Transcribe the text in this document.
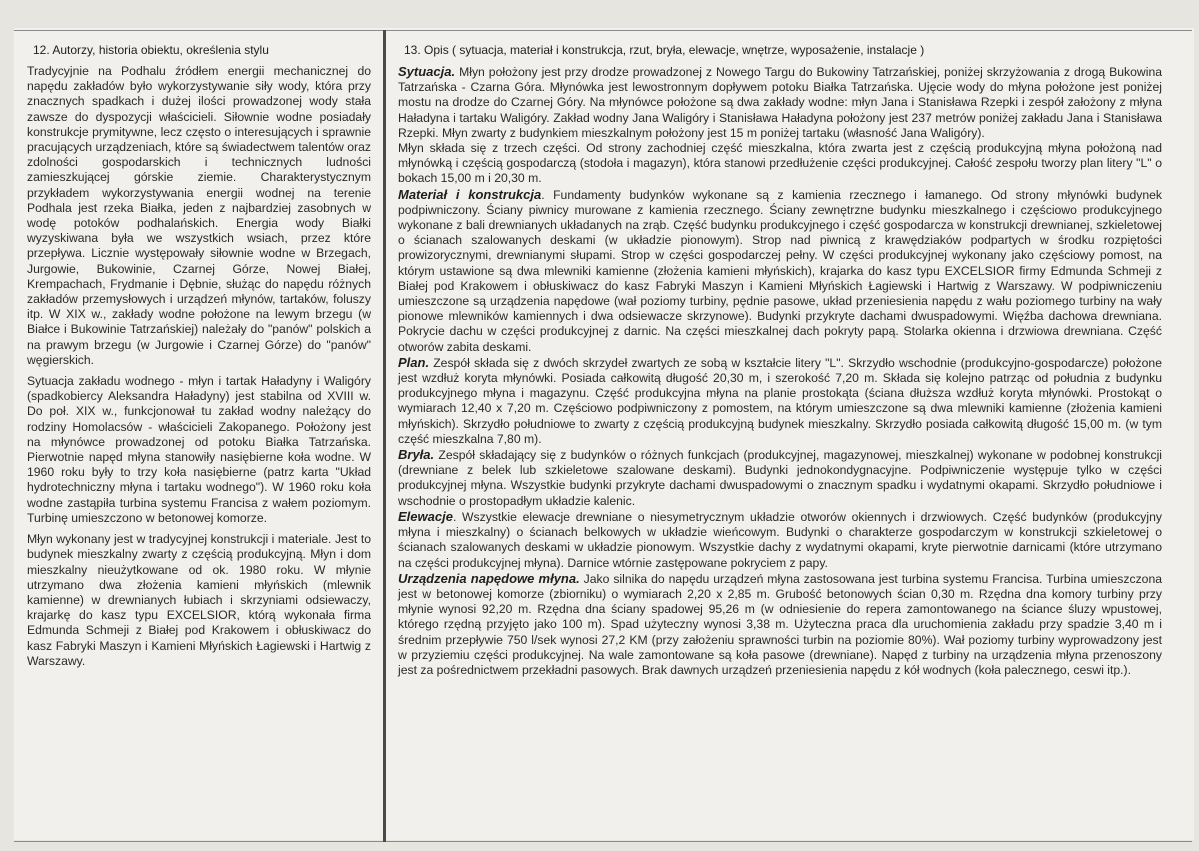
12. Autorzy, historia obiektu, określenia stylu

Tradycyjnie na Podhalu źródłem energii mechanicznej do napędu zakładów było wykorzystywanie siły wody, która przy znacznych spadkach i dużej ilości prowadzonej wody stała zawsze do dyspozycji właścicieli. Siłownie wodne posiadały konstrukcje prymitywne, lecz często o interesujących i sprawnie pracujących urządzeniach, które są świadectwem talentów oraz zdolności gospodarskich i technicznych ludności zamieszkującej górskie ziemie. Charakterystycznym przykładem wykorzystywania energii wodnej na terenie Podhala jest rzeka Białka, jeden z najbardziej zasobnych w wodę potoków podhalańskich. Energia wody Białki wyzyskiwana była we wszystkich wsiach, przez które przepływa. Licznie występowały siłownie wodne w Brzegach, Jurgowie, Bukowinie, Czarnej Górze, Nowej Białej, Krempachach, Frydmanie i Dębnie, służąc do napędu różnych zakładów przemysłowych i urządzeń młynów, tartaków, foluszy itp. W XIX w., zakłady wodne położone na lewym brzegu (w Białce i Bukowinie Tatrzańskiej) należały do "panów" polskich a na prawym brzegu (w Jurgowie i Czarnej Górze) do "panów" węgierskich.

Sytuacja zakładu wodnego - młyn i tartak Haładyny i Waligóry (spadkobiercy Aleksandra Haładyny) jest stabilna od XVIII w. Do poł. XIX w., funkcjonował tu zakład wodny należący do rodziny Homolacsów - właścicieli Zakopanego. Położony jest na młynówce prowadzonej od potoku Białka Tatrzańska. Pierwotnie napęd młyna stanowiły nasiębierne koła wodne. W 1960 roku były to trzy koła nasiębierne (patrz karta "Układ hydrotechniczny młyna i tartaku wodnego"). W 1960 roku koła wodne zastąpiła turbina systemu Francisa z wałem poziomym. Turbinę umieszczono w betonowej komorze.

Młyn wykonany jest w tradycyjnej konstrukcji i materiale. Jest to budynek mieszkalny zwarty z częścią produkcyjną. Młyn i dom mieszkalny nieużytkowane od ok. 1980 roku. W młynie utrzymano dwa złożenia kamieni młyńskich (mlewnik kamienne) w drewnianych łubiach i skrzyniami odsiewaczy, krajarkę do kasz typu EXCELSIOR, którą wykonała firma Edmunda Schmeji z Białej pod Krakowem i obłuskiwacz do kasz Fabryki Maszyn i Kamieni Młyńskich Łagiewski i Hartwig z Warszawy.

13. Opis ( sytuacja, materiał i konstrukcja, rzut, bryła, elewacje, wnętrze, wyposażenie, instalacje )

Sytuacja. Młyn położony jest przy drodze prowadzonej z Nowego Targu do Bukowiny Tatrzańskiej, poniżej skrzyżowania z drogą Bukowina Tatrzańska - Czarna Góra. Młynówka jest lewostronnym dopływem potoku Białka Tatrzańska. Ujęcie wody do młyna położone jest poniżej mostu na drodze do Czarnej Góry. Na młynówce położone są dwa zakłady wodne: młyn Jana i Stanisława Rzepki i zespół założony z młyna Haładyna i tartaku Waligóry. Zakład wodny Jana Waligóry i Stanisława Haładyna położony jest 237 metrów poniżej zakładu Jana i Stanisława Rzepki. Młyn zwarty z budynkiem mieszkalnym położony jest 15 m poniżej tartaku (własność Jana Waligóry).

Młyn składa się z trzech części. Od strony zachodniej część mieszkalna, która zwarta jest z częścią produkcyjną młyna położoną nad młynówką i częścią gospodarczą (stodoła i magazyn), która stanowi przedłużenie części produkcyjnej. Całość zespołu tworzy plan litery "L" o bokach 15,00 m i 20,30 m.

Materiał i konstrukcja. Fundamenty budynków wykonane są z kamienia rzecznego i łamanego. Od strony młynówki budynek podpiwniczony. Ściany piwnicy murowane z kamienia rzecznego. Ściany zewnętrzne budynku mieszkalnego i częściowo produkcyjnego wykonane z bali drewnianych układanych na zrąb. Część budynku produkcyjnego i część gospodarcza w konstrukcji drewnianej, szkieletowej o ścianach szalowanych deskami (w układzie pionowym). Strop nad piwnicą z krawędziaków podpartych w środku rozpiętości prowizorycznymi, drewnianymi słupami. Strop w części gospodarczej pełny. W części produkcyjnej wykonany jako częściowy pomost, na którym ustawione są dwa mlewniki kamienne (złożenia kamieni młyńskich), krajarka do kasz typu EXCELSIOR firmy Edmunda Schmeji z Białej pod Krakowem i obłuskiwacz do kasz Fabryki Maszyn i Kamieni Młyńskich Łagiewski i Hartwig z Warszawy. W podpiwniczeniu umieszczone są urządzenia napędowe (wał poziomy turbiny, pędnie pasowe, układ przeniesienia napędu z wału poziomego turbiny na wały pionowe mlewników kamiennych i dwa odsiewacze skrzynowe). Budynki przykryte dachami dwuspadowymi. Więźba dachowa drewniana. Pokrycie dachu w części produkcyjnej z darnic. Na części mieszkalnej dach pokryty papą. Stolarka okienna i drzwiowa drewniana. Część otworów zabita deskami.

Plan. Zespół składa się z dwóch skrzydeł zwartych ze sobą w kształcie litery "L". Skrzydło wschodnie (produkcyjno-gospodarcze) położone jest wzdłuż koryta młynówki. Posiada całkowitą długość 20,30 m, i szerokość 7,20 m. Składa się kolejno patrząc od południa z budynku produkcyjnego młyna i magazynu. Część produkcyjna młyna na planie prostokąta (ściana dłuższa wzdłuż koryta młynówki. Prostokąt o wymiarach 12,40 x 7,20 m. Częściowo podpiwniczony z pomostem, na którym umieszczone są dwa mlewniki kamienne (złożenia kamieni młyńskich). Skrzydło południowe to zwarty z częścią produkcyjną budynek mieszkalny. Skrzydło posiada całkowitą długość 15,00 m. (w tym część mieszkalna 7,80 m).

Bryła. Zespół składający się z budynków o różnych funkcjach (produkcyjnej, magazynowej, mieszkalnej) wykonane w podobnej konstrukcji (drewniane z belek lub szkieletowe szalowane deskami). Budynki jednokondygnacyjne. Podpiwniczenie występuje tylko w części produkcyjnej młyna. Wszystkie budynki przykryte dachami dwuspadowymi o znacznym spadku i wydatnymi okapami. Skrzydło południowe i wschodnie o prostopadłym układzie kalenic.

Elewacje. Wszystkie elewacje drewniane o niesymetrycznym układzie otworów okiennych i drzwiowych. Część budynków (produkcyjny młyna i mieszkalny) o ścianach belkowych w układzie wieńcowym. Budynki o charakterze gospodarczym w konstrukcji szkieletowej o ścianach szalowanych deskami w układzie pionowym. Wszystkie dachy z wydatnymi okapami, kryte pierwotnie darnicami (które utrzymano na części produkcyjnej młyna). Darnice wtórnie zastępowane pokryciem z papy.

Urządzenia napędowe młyna. Jako silnika do napędu urządzeń młyna zastosowana jest turbina systemu Francisa. Turbina umieszczona jest w betonowej komorze (zbiorniku) o wymiarach 2,20 x 2,85 m. Grubość betonowych ścian 0,30 m. Rzędna dna komory turbiny przy młynie wynosi 92,20 m. Rzędna dna ściany spadowej 95,26 m (w odniesienie do repera zamontowanego na ściance śluzy wpustowej, którego rzędną przyjęto jako 100 m). Spad użyteczny wynosi 3,38 m. Użyteczna praca dla uruchomienia zakładu przy spadzie 3,40 m i średnim przepływie 750 l/sek wynosi 27,2 KM (przy założeniu sprawności turbin na poziomie 80%). Wał poziomy turbiny wyprowadzony jest w przyziemiu części produkcyjnej. Na wale zamontowane są koła pasowe (drewniane). Napęd z turbiny na urządzenia młyna przenoszony jest za pośrednictwem przekładni pasowych. Brak dawnych urządzeń przeniesienia napędu z kół wodnych (koła palecznego, ceswi itp.).
